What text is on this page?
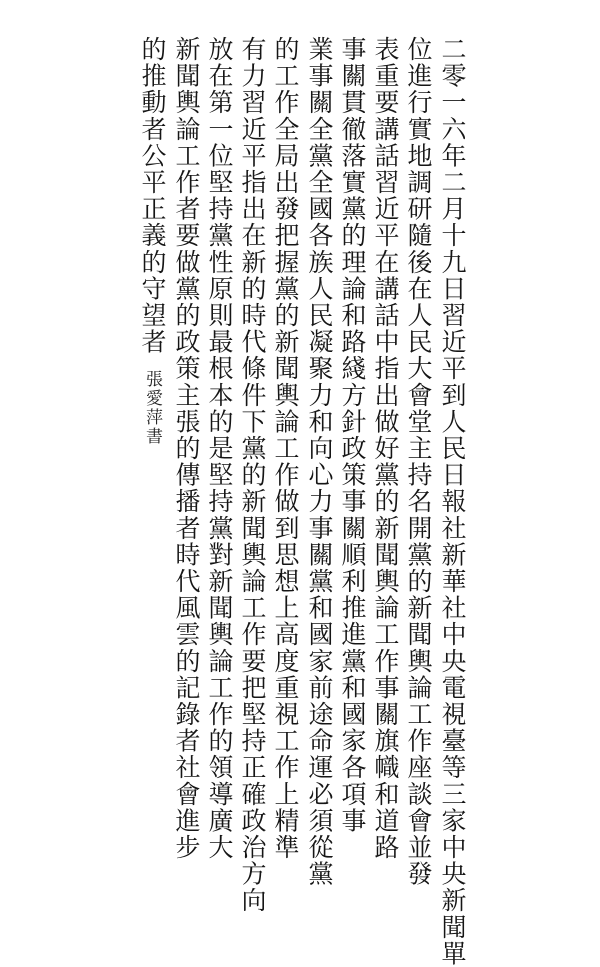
二零一六年二月十九日習近平到人民日報社新華社中央電視臺等三家中央新聞單
位進行實地調研隨後在人民大會堂主持名開黨的新聞輿論工作座談會並發
表重要講話習近平在講話中指出做好黨的新聞輿論工作事關旗幟和道路
事關貫徹落實黨的理論和路綫方針政策事關順利推進黨和國家各項事
業事關全黨全國各族人民凝聚力和向心力事關黨和國家前途命運必須從黨
的工作全局出發把握黨的新聞輿論工作做到思想上高度重視工作上精準
有力習近平指出在新的時代條件下黨的新聞輿論工作要把堅持正確政治方向
放在第一位堅持黨性原則最根本的是堅持黨對新聞輿論工作的領導廣大
新聞輿論工作者要做黨的政策主張的傳播者時代風雲的記錄者社會進步
的推動者公平正義的守望者
張愛萍書
